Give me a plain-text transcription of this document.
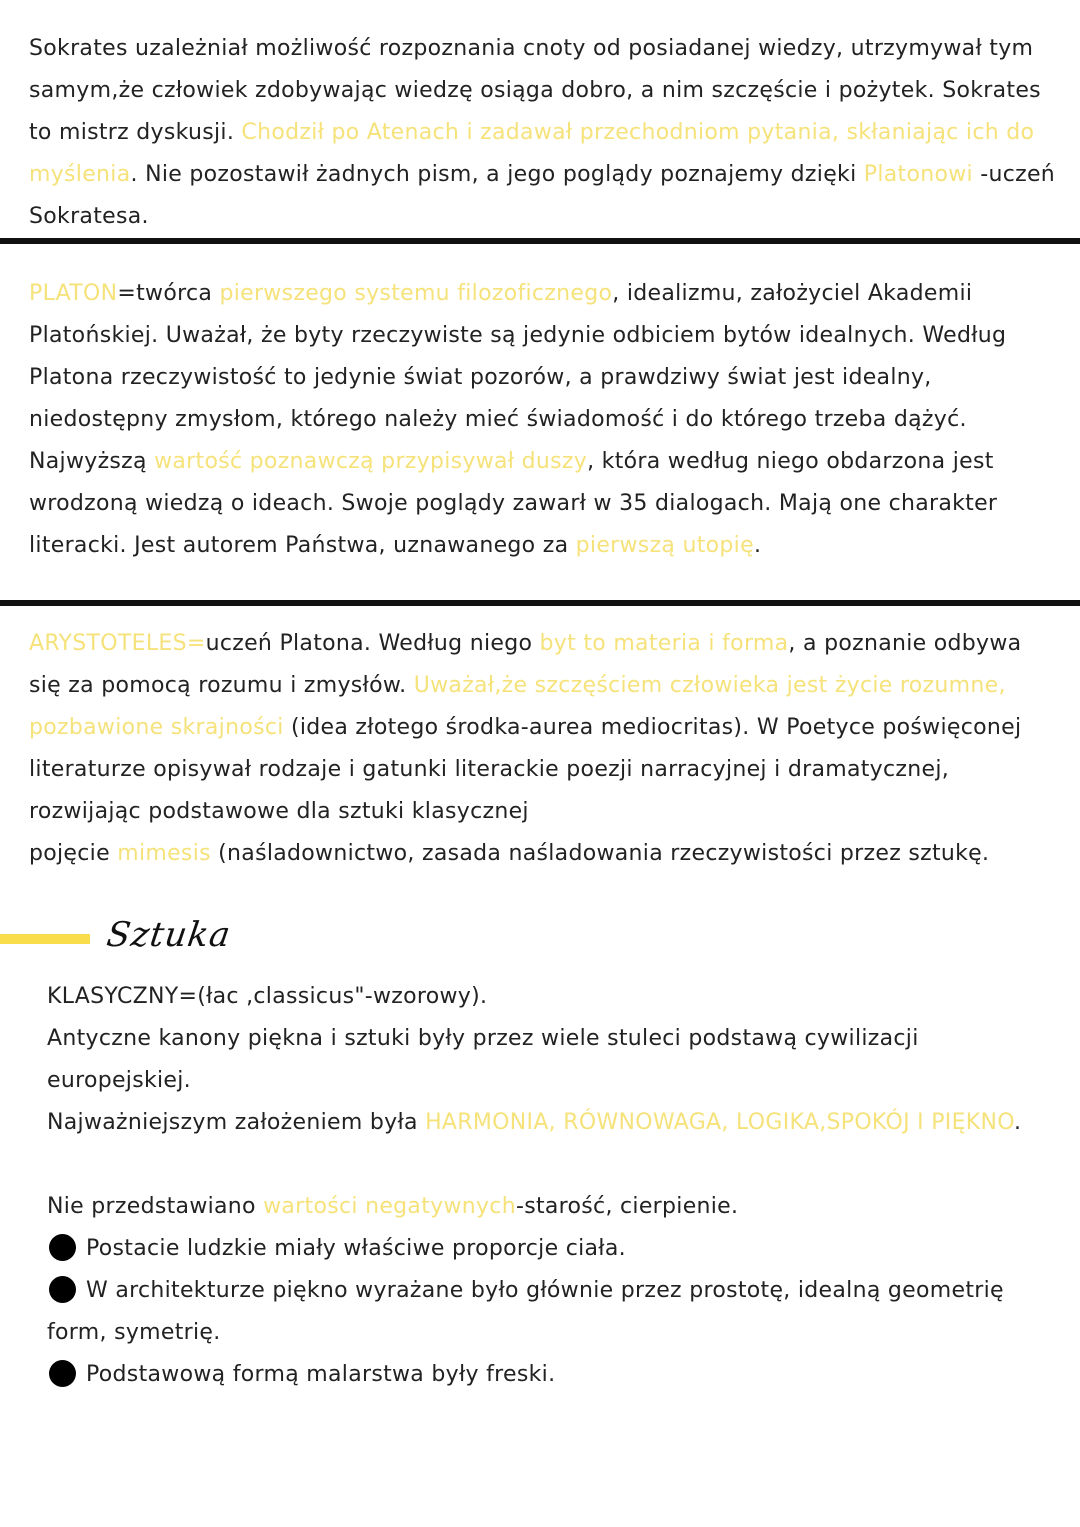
Sokrates uzależniał możliwość rozpoznania cnoty od posiadanej wiedzy, utrzymywał tym samym,że człowiek zdobywając wiedzę osiąga dobro, a nim szczęście i pożytek. Sokrates to mistrz dyskusji. Chodził po Atenach i zadawał przechodniom pytania, skłaniając ich do myślenia. Nie pozostawił żadnych pism, a jego poglądy poznajemy dzięki Platonowi -uczeń Sokratesa.

PLATON=twórca pierwszego systemu filozoficznego, idealizmu, założyciel Akademii Platońskiej. Uważał, że byty rzeczywiste są jedynie odbiciem bytów idealnych. Według Platona rzeczywistość to jedynie świat pozorów, a prawdziwy świat jest idealny, niedostępny zmysłom, którego należy mieć świadomość i do którego trzeba dążyć. Najwyższą wartość poznawczą przypisywał duszy, która według niego obdarzona jest wrodzoną wiedzą o ideach. Swoje poglądy zawarł w 35 dialogach. Mają one charakter literacki. Jest autorem Państwa, uznawanego za pierwszą utopię.

ARYSTOTELES=uczeń Platona. Według niego byt to materia i forma, a poznanie odbywa się za pomocą rozumu i zmysłów. Uważał,że szczęściem człowieka jest życie rozumne, pozbawione skrajności (idea złotego środka-aurea mediocritas). W Poetyce poświęconej literaturze opisywał rodzaje i gatunki literackie poezji narracyjnej i dramatycznej, rozwijając podstawowe dla sztuki klasycznej
pojęcie mimesis (naśladownictwo, zasada naśladowania rzeczywistości przez sztukę.

Sztuka

KLASYCZNY=(łac ,classicus"-wzorowy).

Antyczne kanony piękna i sztuki były przez wiele stuleci podstawą cywilizacji europejskiej.

Najważniejszym założeniem była HARMONIA, RÓWNOWAGA, LOGIKA,SPOKÓJ I PIĘKNO.

Nie przedstawiano wartości negatywnych-starość, cierpienie.

Postacie ludzkie miały właściwe proporcje ciała.
W architekturze piękno wyrażane było głównie przez prostotę, idealną geometrię form, symetrię.
Podstawową formą malarstwa były freski.
